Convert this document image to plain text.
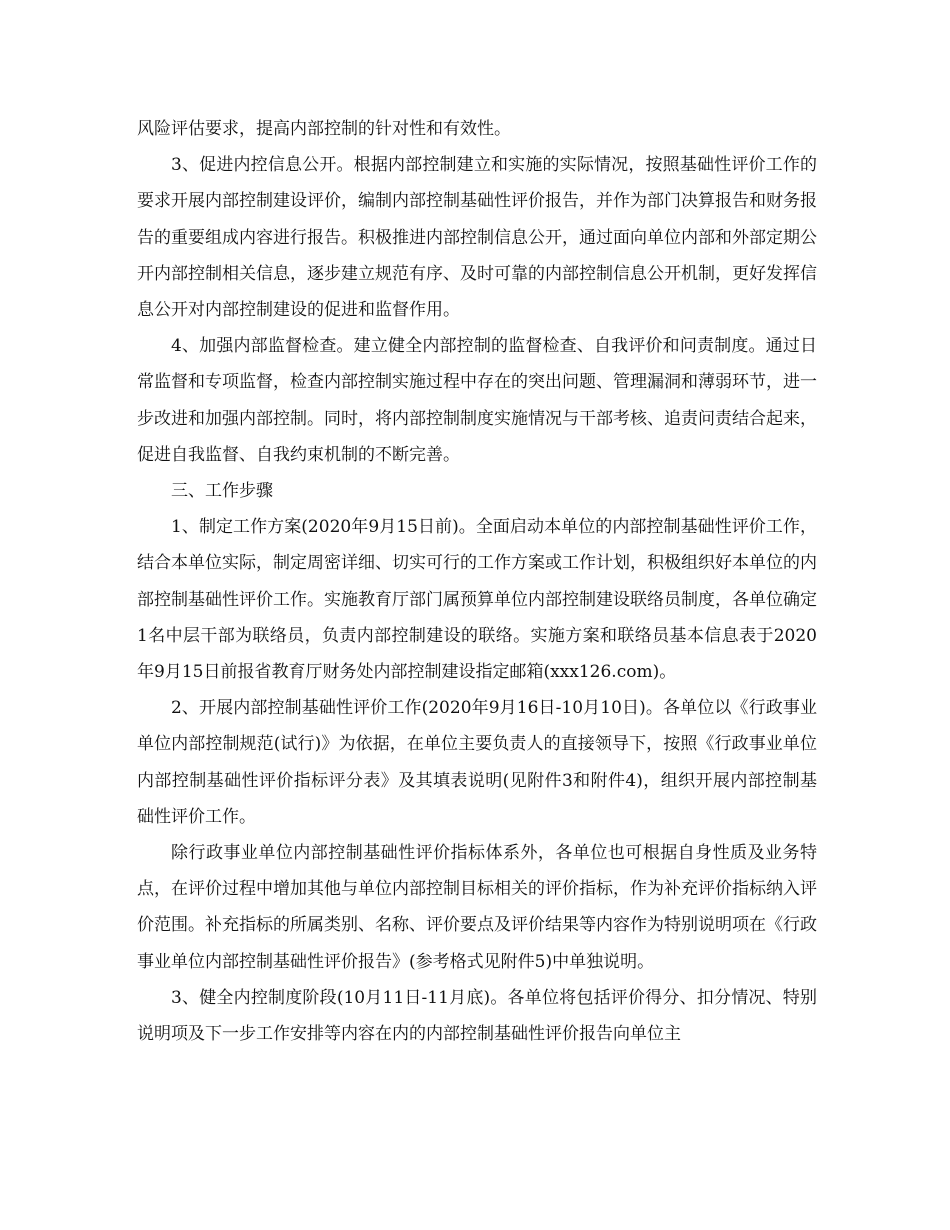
风险评估要求，提高内部控制的针对性和有效性。

3、促进内控信息公开。根据内部控制建立和实施的实际情况，按照基础性评价工作的要求开展内部控制建设评价，编制内部控制基础性评价报告，并作为部门决算报告和财务报告的重要组成内容进行报告。积极推进内部控制信息公开，通过面向单位内部和外部定期公开内部控制相关信息，逐步建立规范有序、及时可靠的内部控制信息公开机制，更好发挥信息公开对内部控制建设的促进和监督作用。

4、加强内部监督检查。建立健全内部控制的监督检查、自我评价和问责制度。通过日常监督和专项监督，检查内部控制实施过程中存在的突出问题、管理漏洞和薄弱环节，进一步改进和加强内部控制。同时，将内部控制制度实施情况与干部考核、追责问责结合起来，促进自我监督、自我约束机制的不断完善。

三、工作步骤

1、制定工作方案(2020年9月15日前)。全面启动本单位的内部控制基础性评价工作，结合本单位实际，制定周密详细、切实可行的工作方案或工作计划，积极组织好本单位的内部控制基础性评价工作。实施教育厅部门属预算单位内部控制建设联络员制度，各单位确定1名中层干部为联络员，负责内部控制建设的联络。实施方案和联络员基本信息表于2020年9月15日前报省教育厅财务处内部控制建设指定邮箱(xxx126.com)。

2、开展内部控制基础性评价工作(2020年9月16日-10月10日)。各单位以《行政事业单位内部控制规范(试行)》为依据，在单位主要负责人的直接领导下，按照《行政事业单位内部控制基础性评价指标评分表》及其填表说明(见附件3和附件4)，组织开展内部控制基础性评价工作。

除行政事业单位内部控制基础性评价指标体系外，各单位也可根据自身性质及业务特点，在评价过程中增加其他与单位内部控制目标相关的评价指标，作为补充评价指标纳入评价范围。补充指标的所属类别、名称、评价要点及评价结果等内容作为特别说明项在《行政事业单位内部控制基础性评价报告》(参考格式见附件5)中单独说明。

3、健全内控制度阶段(10月11日-11月底)。各单位将包括评价得分、扣分情况、特别说明项及下一步工作安排等内容在内的内部控制基础性评价报告向单位主
